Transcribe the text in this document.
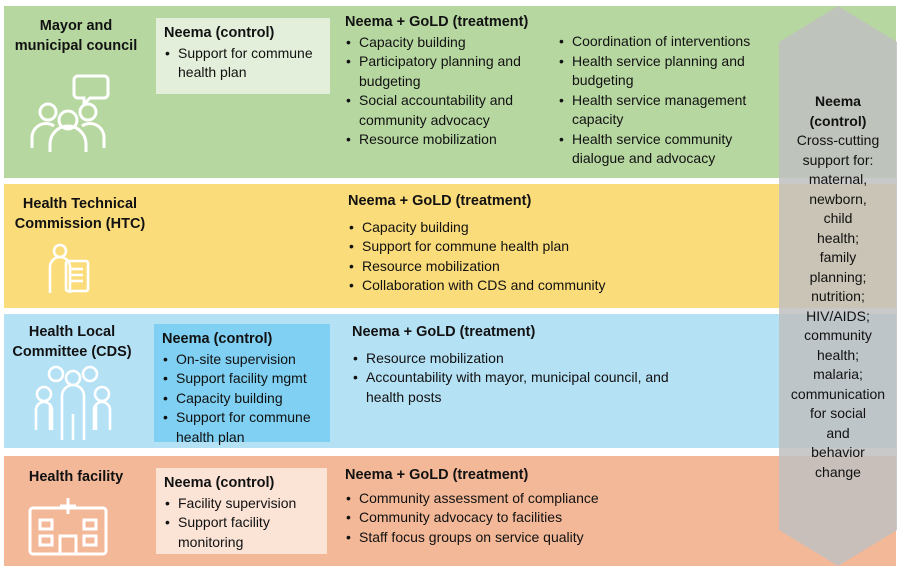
Mayor and
municipal council
Neema (control)
• Support for commune health plan
Neema + GoLD (treatment)
• Capacity building
• Participatory planning and budgeting
• Social accountability and community advocacy
• Resource mobilization
• Coordination of interventions
• Health service planning and budgeting
• Health service management capacity
• Health service community dialogue and advocacy
Health Technical
Commission (HTC)
Neema + GoLD (treatment)
• Capacity building
• Support for commune health plan
• Resource mobilization
• Collaboration with CDS and community
Health Local
Committee (CDS)
Neema (control)
• On-site supervision
• Support facility mgmt
• Capacity building
• Support for commune health plan
Neema + GoLD (treatment)
• Resource mobilization
• Accountability with mayor, municipal council, and health posts
Health facility	Neema (control)
• Facility supervision
• Support facility monitoring
Neema + GoLD (treatment)
• Community assessment of compliance
• Community advocacy to facilities
• Staff focus groups on service quality
Neema
(control)
Cross-cutting
support for:
maternal,
newborn,
child
health;
family
planning;
nutrition;
HIV/AIDS;
community
health;
malaria;
communication
for social
and
behavior
change
